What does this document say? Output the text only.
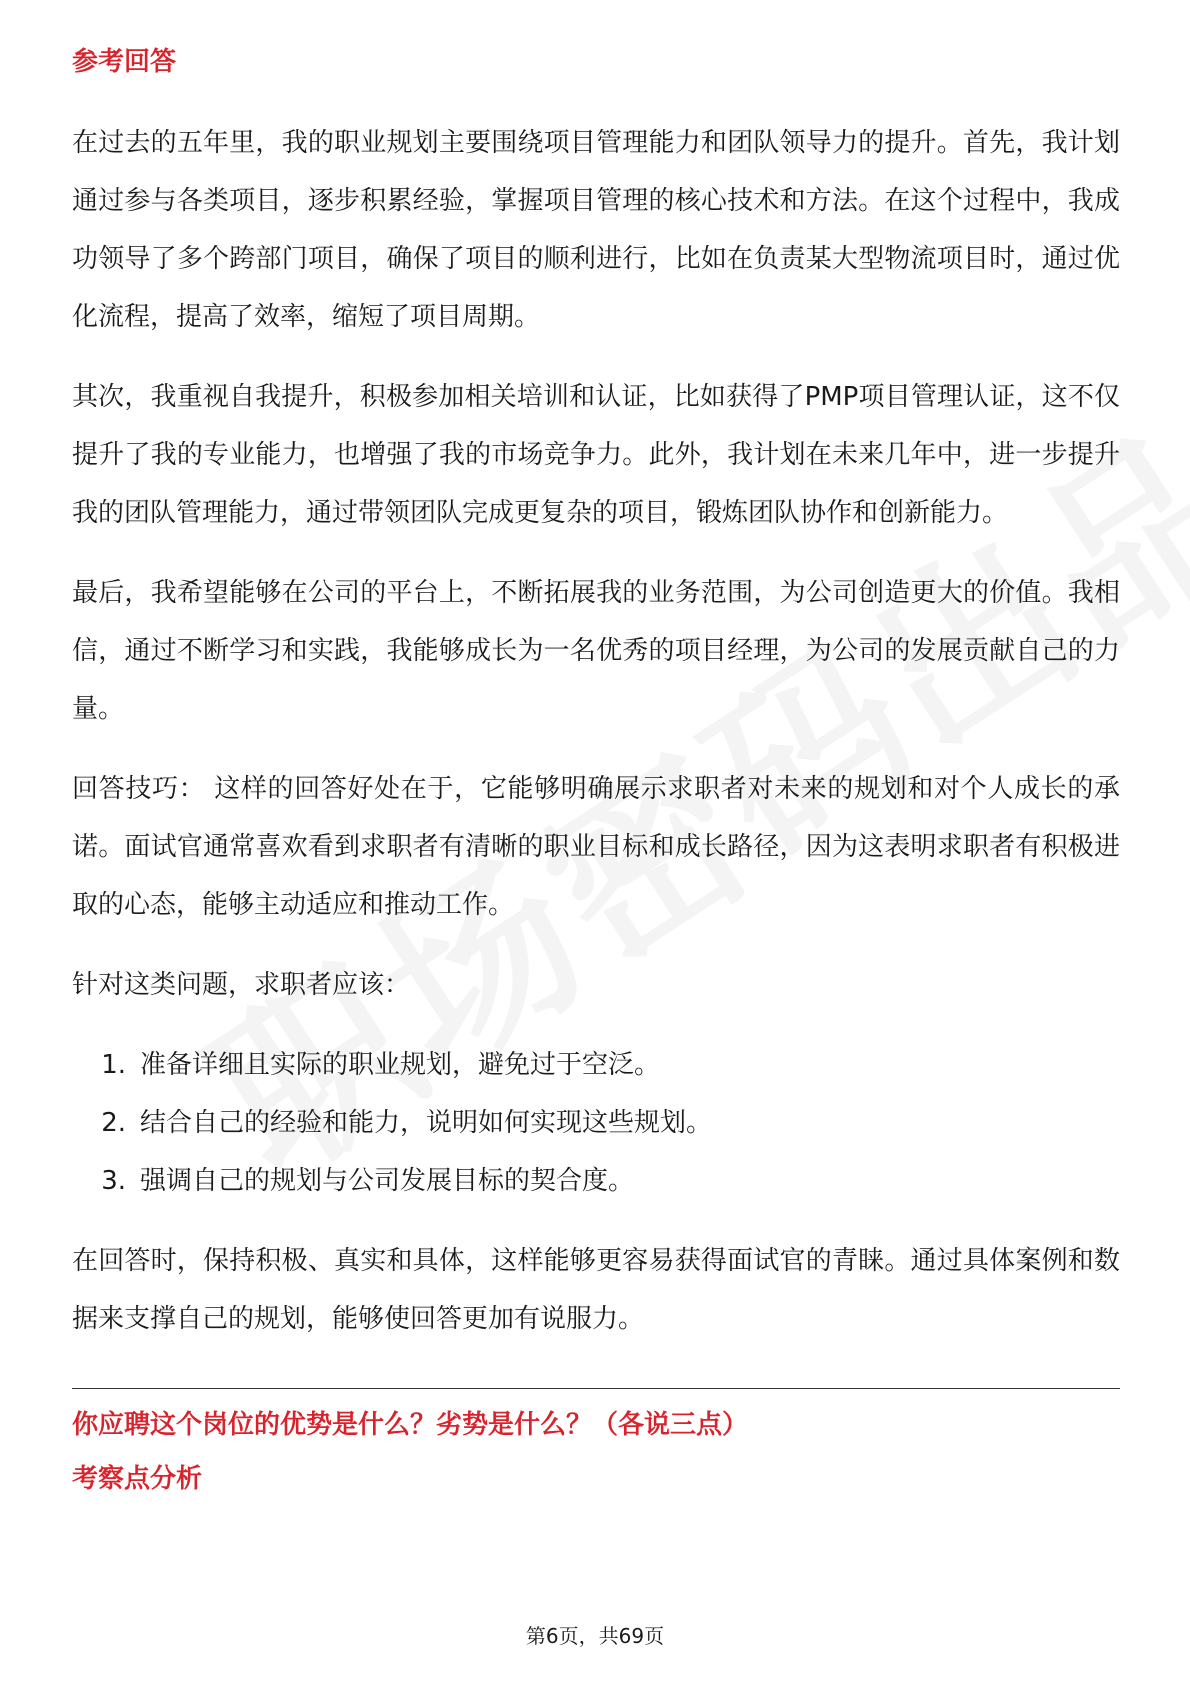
参考回答

在过去的五年里，我的职业规划主要围绕项目管理能力和团队领导力的提升。首先，我计划通过参与各类项目，逐步积累经验，掌握项目管理的核心技术和方法。在这个过程中，我成功领导了多个跨部门项目，确保了项目的顺利进行，比如在负责某大型物流项目时，通过优化流程，提高了效率，缩短了项目周期。

其次，我重视自我提升，积极参加相关培训和认证，比如获得了PMP项目管理认证，这不仅提升了我的专业能力，也增强了我的市场竞争力。此外，我计划在未来几年中，进一步提升我的团队管理能力，通过带领团队完成更复杂的项目，锻炼团队协作和创新能力。

最后，我希望能够在公司的平台上，不断拓展我的业务范围，为公司创造更大的价值。我相信，通过不断学习和实践，我能够成长为一名优秀的项目经理，为公司的发展贡献自己的力量。

回答技巧： 这样的回答好处在于，它能够明确展示求职者对未来的规划和对个人成长的承诺。面试官通常喜欢看到求职者有清晰的职业目标和成长路径，因为这表明求职者有积极进取的心态，能够主动适应和推动工作。

针对这类问题，求职者应该：

1. 准备详细且实际的职业规划，避免过于空泛。
2. 结合自己的经验和能力，说明如何实现这些规划。
3. 强调自己的规划与公司发展目标的契合度。

在回答时，保持积极、真实和具体，这样能够更容易获得面试官的青睐。通过具体案例和数据来支撑自己的规划，能够使回答更加有说服力。

你应聘这个岗位的优势是什么？劣势是什么？（各说三点）
考察点分析
第6页，共69页
